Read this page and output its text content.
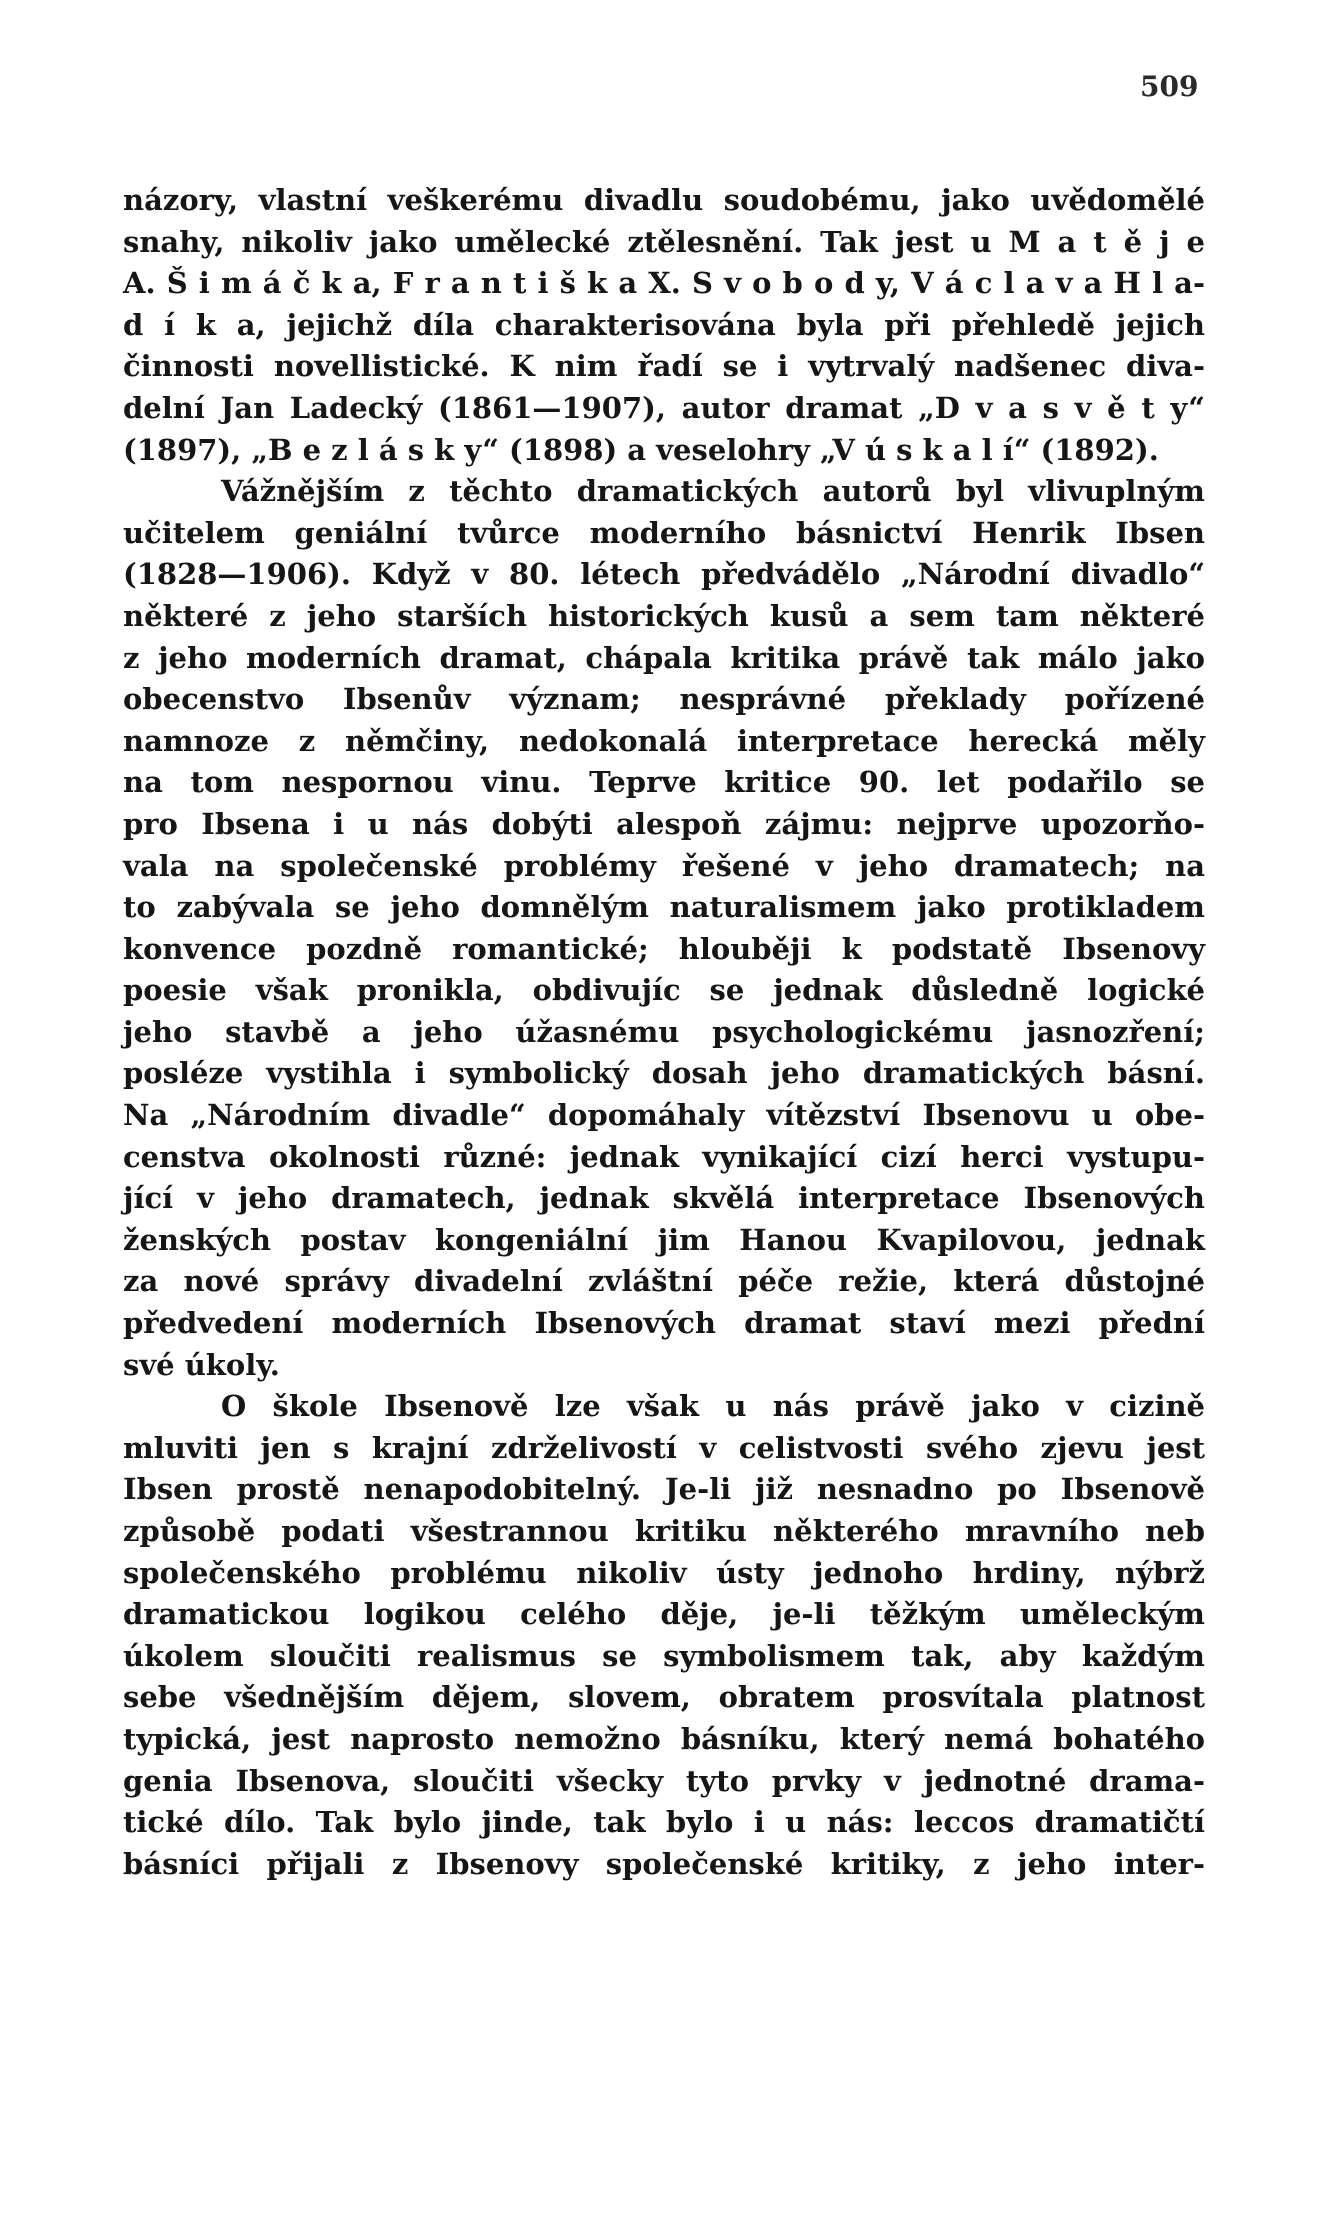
509
názory, vlastní veškerému divadlu soudobému, jako uvědomělé
snahy, nikoliv jako umělecké ztělesnění. Tak jest u M a t ě j e
A. Š i m á č k a, F r a n t i š k a X. S v o b o d y, V á c l a v a H l a-
d í k a, jejichž díla charakterisována byla při přehledě jejich
činnosti novellistické. K nim řadí se i vytrvalý nadšenec diva-
delní Jan Ladecký (1861—1907), autor dramat „D v a s v ě t y“
(1897), „B e z l á s k y“ (1898) a veselohry „V ú s k a l í“ (1892).
Vážnějším z těchto dramatických autorů byl vlivuplným
učitelem geniální tvůrce moderního básnictví Henrik Ibsen
(1828—1906). Když v 80. létech předvádělo „Národní divadlo“
některé z jeho starších historických kusů a sem tam některé
z jeho moderních dramat, chápala kritika právě tak málo jako
obecenstvo Ibsenův význam; nesprávné překlady pořízené
namnoze z němčiny, nedokonalá interpretace herecká měly
na tom nespornou vinu. Teprve kritice 90. let podařilo se
pro Ibsena i u nás dobýti alespoň zájmu: nejprve upozorňo-
vala na společenské problémy řešené v jeho dramatech; na
to zabývala se jeho domnělým naturalismem jako protikladem
konvence pozdně romantické; hlouběji k podstatě Ibsenovy
poesie však pronikla, obdivujíc se jednak důsledně logické
jeho stavbě a jeho úžasnému psychologickému jasnozření;
posléze vystihla i symbolický dosah jeho dramatických básní.
Na „Národním divadle“ dopomáhaly vítězství Ibsenovu u obe-
censtva okolnosti různé: jednak vynikající cizí herci vystupu-
jící v jeho dramatech, jednak skvělá interpretace Ibsenových
ženských postav kongeniální jim Hanou Kvapilovou, jednak
za nové správy divadelní zvláštní péče režie, která důstojné
předvedení moderních Ibsenových dramat staví mezi přední
své úkoly.
O škole Ibsenově lze však u nás právě jako v cizině
mluviti jen s krajní zdrželivostí v celistvosti svého zjevu jest
Ibsen prostě nenapodobitelný. Je-li již nesnadno po Ibsenově
způsobě podati všestrannou kritiku některého mravního neb
společenského problému nikoliv ústy jednoho hrdiny, nýbrž
dramatickou logikou celého děje, je-li těžkým uměleckým
úkolem sloučiti realismus se symbolismem tak, aby každým
sebe všednějším dějem, slovem, obratem prosvítala platnost
typická, jest naprosto nemožno básníku, který nemá bohatého
genia Ibsenova, sloučiti všecky tyto prvky v jednotné drama-
tické dílo. Tak bylo jinde, tak bylo i u nás: leccos dramatičtí
básníci přijali z Ibsenovy společenské kritiky, z jeho inter-
